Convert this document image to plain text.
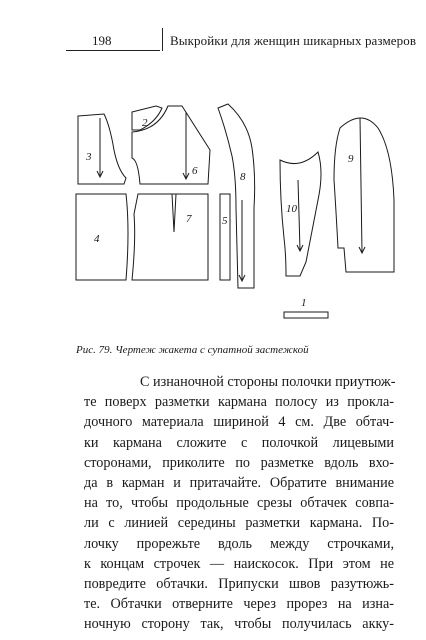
198	Выкройки для женщин шикарных размеров
1
2
3
4
5
6
7
8
9
10
Рис. 79. Чертеж жакета с супатной застежкой
С изнаночной стороны полочки приутюж-
те поверх разметки кармана полосу из проклa-
дочного материала шириной 4 см. Две обтач-
ки кармана сложите с полочкой лицевыми
сторонами, приколите по разметке вдоль вхо-
да в карман и притачайте. Обратите внимание
на то, чтобы продольные срезы обтачек совпа-
ли с линией середины разметки кармана. По-
лочку прорежьте вдоль между строчками,
к концам строчек — наискосок. При этом не
повредите обтачки. Припуски швов разутюжь-
те. Обтачки отверните через прорез на изна-
ночную сторону так, чтобы получилась акку-
